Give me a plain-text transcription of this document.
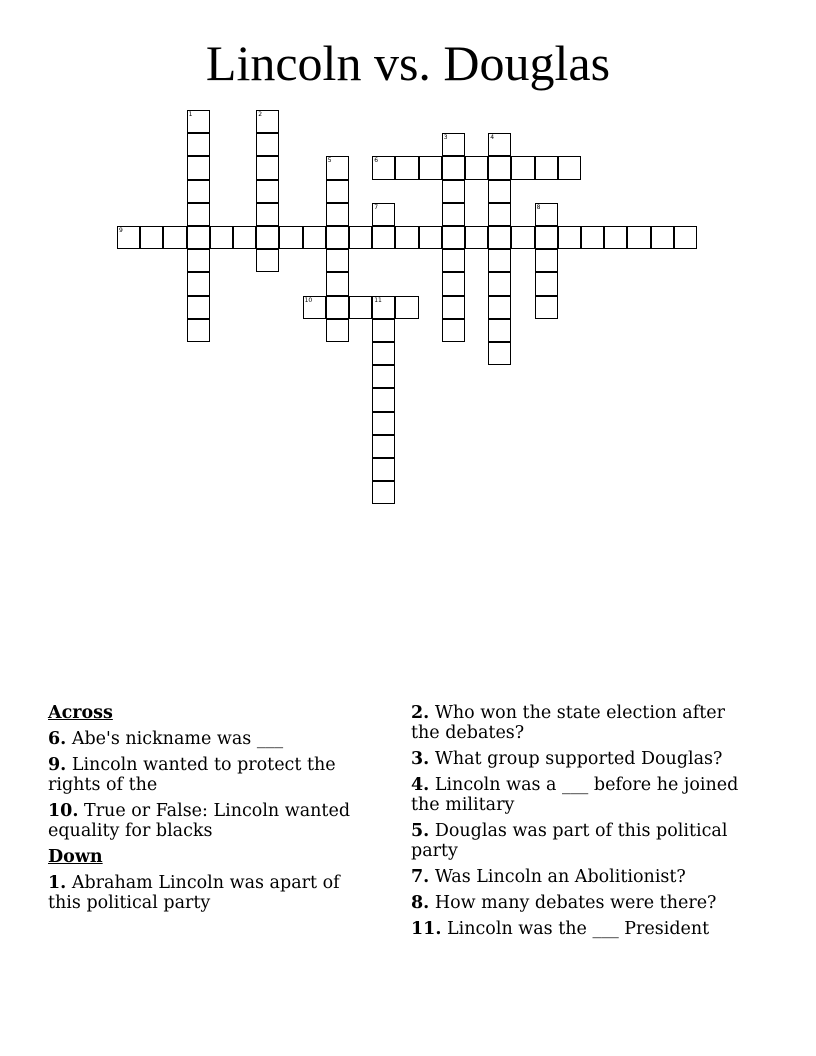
Lincoln vs. Douglas
1	2
3	4
5	6
7	8
9
10	11
Across
6. Abe's nickname was ___
9. Lincoln wanted to protect the rights of the
10. True or False: Lincoln wanted equality for blacks
Down
1. Abraham Lincoln was apart of this political party
2. Who won the state election after the debates?
3. What group supported Douglas?
4. Lincoln was a ___ before he joined the military
5. Douglas was part of this political party
7. Was Lincoln an Abolitionist?
8. How many debates were there?
11. Lincoln was the ___ President
